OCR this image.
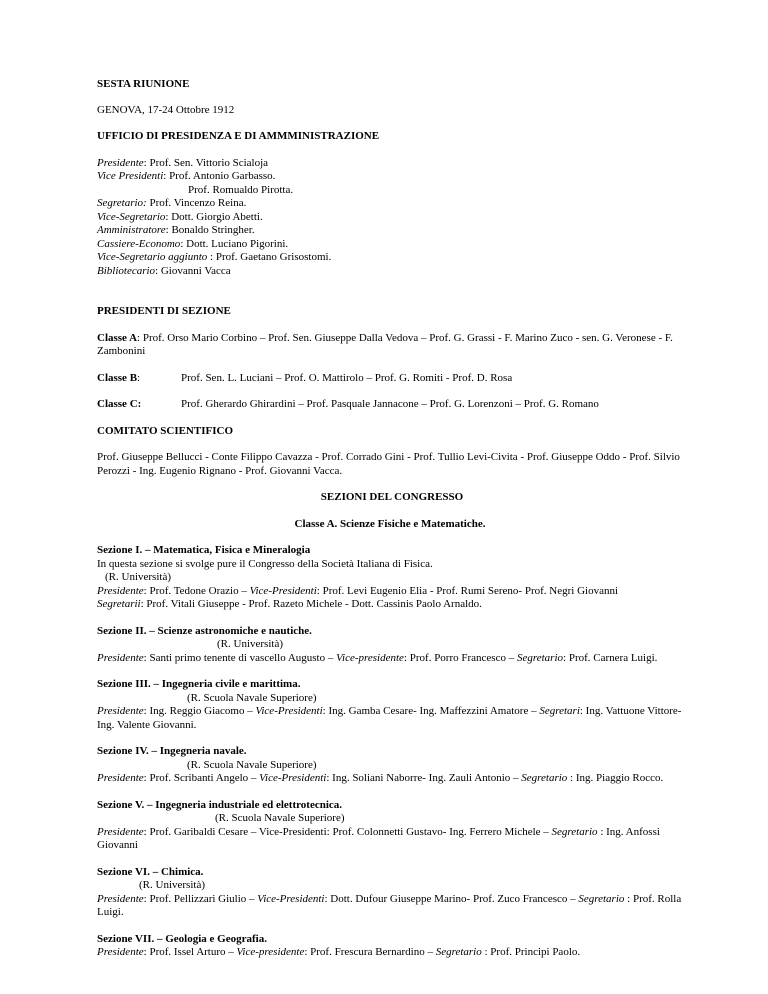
SESTA RIUNIONE

GENOVA, 17-24 Ottobre 1912

UFFICIO DI PRESIDENZA E DI AMMMINISTRAZIONE

Presidente: Prof. Sen. Vittorio Scialoja

Vice Presidenti: Prof. Antonio Garbasso.

Prof. Romualdo Pirotta.

Segretario: Prof. Vincenzo Reina.

Vice-Segretario: Dott. Giorgio Abetti.

Amministratore: Bonaldo Stringher.

Cassiere-Economo: Dott. Luciano Pigorini.

Vice-Segretario aggiunto : Prof. Gaetano Grisostomi.

Bibliotecario: Giovanni Vacca

PRESIDENTI DI SEZIONE

Classe A: Prof. Orso Mario Corbino – Prof. Sen. Giuseppe Dalla Vedova – Prof. G. Grassi - F. Marino Zuco - sen. G. Veronese - F. Zambonini

Classe B:	Prof. Sen. L. Luciani – Prof. O. Mattirolo – Prof. G. Romiti - Prof. D. Rosa
Classe C:	Prof. Gherardo Ghirardini – Prof. Pasquale Jannacone – Prof. G. Lorenzoni – Prof. G. Romano

COMITATO SCIENTIFICO

Prof. Giuseppe Bellucci - Conte Filippo Cavazza - Prof. Corrado Gini - Prof. Tullio Levi-Civita - Prof. Giuseppe Oddo - Prof. Silvio Perozzi - Ing. Eugenio Rignano - Prof. Giovanni Vacca.

SEZIONI DEL CONGRESSO

Classe A. Scienze Fisiche e Matematiche.

Sezione I. – Matematica, Fisica e Mineralogia

In questa sezione si svolge pure il Congresso della Società Italiana di Fisica.

(R. Università)

Presidente: Prof. Tedone Orazio – Vice-Presidenti: Prof. Levi Eugenio Elia - Prof. Rumi Sereno- Prof. Negri Giovanni

Segretarii: Prof. Vitali Giuseppe - Prof. Razeto Michele - Dott. Cassinis Paolo Arnaldo.

Sezione II. – Scienze astronomiche e nautiche.

(R. Università)

Presidente: Santi primo tenente di vascello Augusto – Vice-presidente: Prof. Porro Francesco – Segretario: Prof. Carnera Luigi.

Sezione III. – Ingegneria civile e marittima.

(R. Scuola Navale Superiore)

Presidente: Ing. Reggio Giacomo – Vice-Presidenti: Ing. Gamba Cesare- Ing. Maffezzini Amatore – Segretari: Ing. Vattuone Vittore- Ing. Valente Giovanni.

Sezione IV. – Ingegneria navale.

(R. Scuola Navale Superiore)

Presidente: Prof. Scribanti Angelo – Vice-Presidenti: Ing. Soliani Naborre- Ing. Zauli Antonio – Segretario : Ing. Piaggio Rocco.

Sezione V. – Ingegneria industriale ed elettrotecnica.

(R. Scuola Navale Superiore)

Presidente: Prof. Garibaldi Cesare – Vice-Presidenti: Prof. Colonnetti Gustavo- Ing. Ferrero Michele – Segretario : Ing. Anfossi Giovanni

Sezione VI. – Chimica.

(R. Università)

Presidente: Prof. Pellizzari Giulio – Vice-Presidenti: Dott. Dufour Giuseppe Marino- Prof. Zuco Francesco – Segretario : Prof. Rolla Luigi.

Sezione VII. – Geologia e Geografia.

Presidente: Prof. Issel Arturo – Vice-presidente: Prof. Frescura Bernardino – Segretario : Prof. Principi Paolo.
